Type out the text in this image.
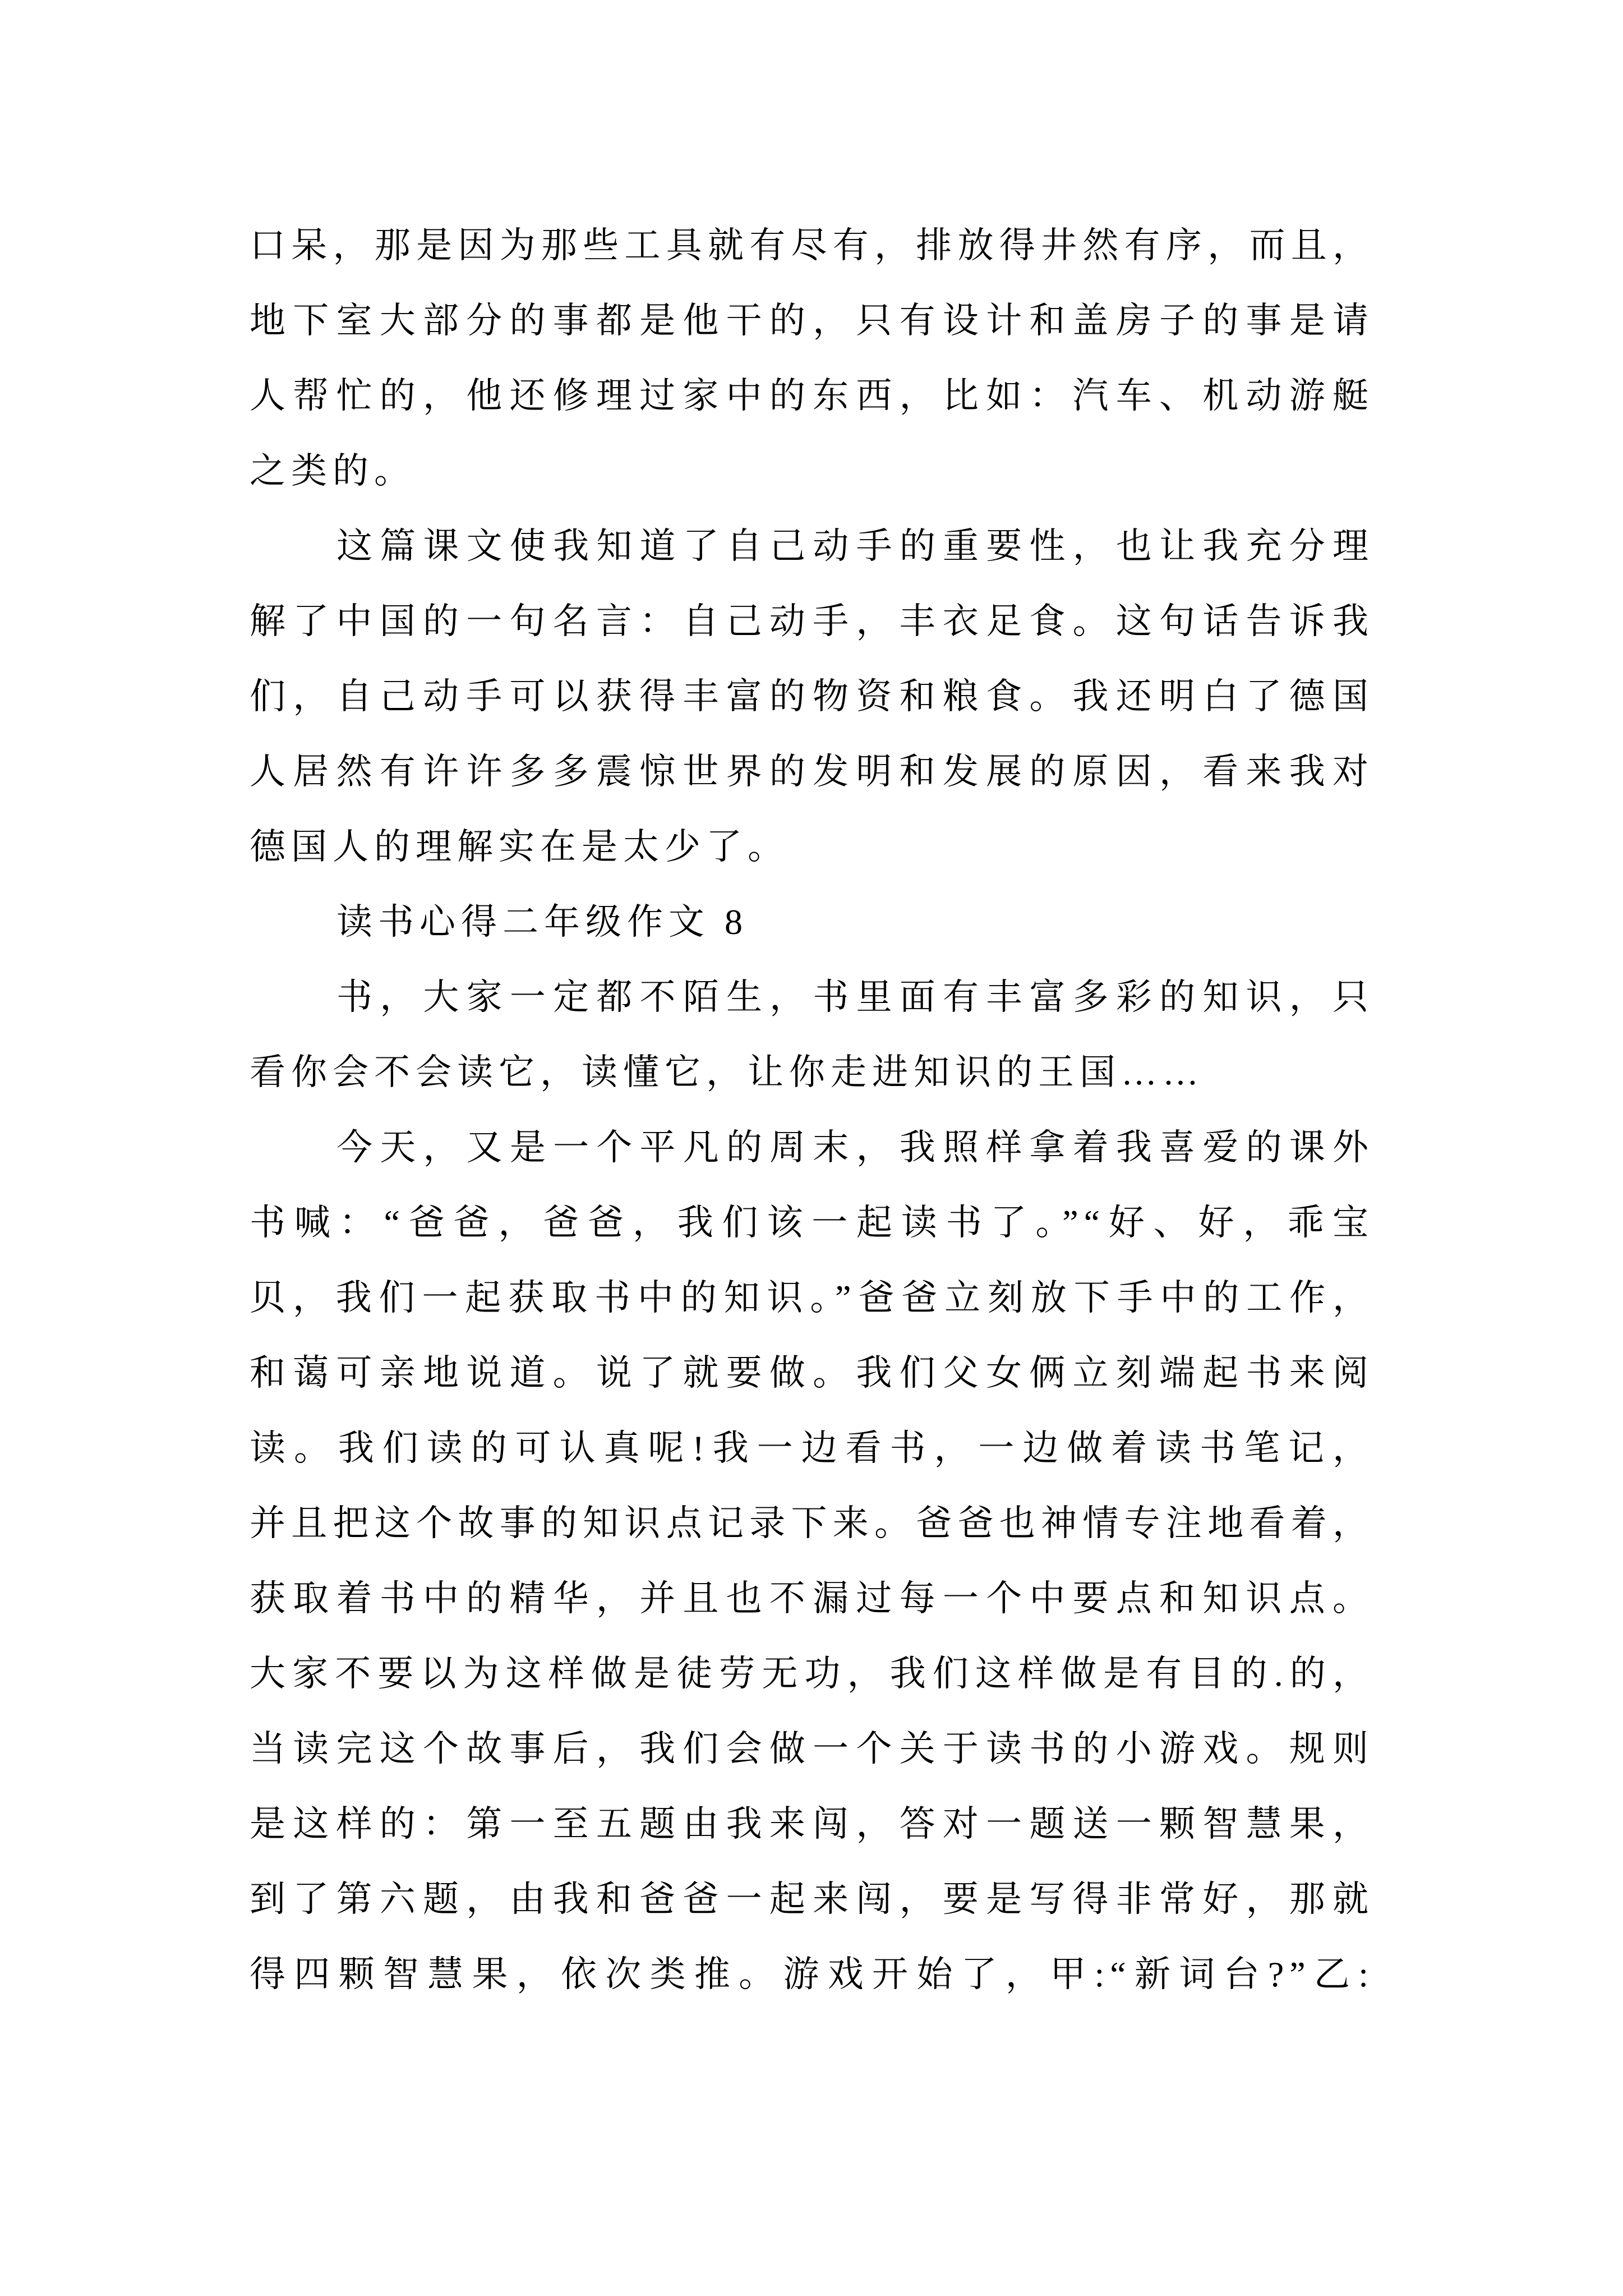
口呆，那是因为那些工具就有尽有，排放得井然有序，而且，
地下室大部分的事都是他干的，只有设计和盖房子的事是请
人帮忙的，他还修理过家中的东西，比如：汽车、机动游艇
之类的。
这篇课文使我知道了自己动手的重要性，也让我充分理
解了中国的一句名言：自己动手，丰衣足食。这句话告诉我
们，自己动手可以获得丰富的物资和粮食。我还明白了德国
人居然有许许多多震惊世界的发明和发展的原因，看来我对
德国人的理解实在是太少了。
读书心得二年级作文 8
书，大家一定都不陌生，书里面有丰富多彩的知识，只
看你会不会读它，读懂它，让你走进知识的王国……
今天，又是一个平凡的周末，我照样拿着我喜爱的课外
书喊：“爸爸，爸爸，我们该一起读书了。”“好、好，乖宝
贝，我们一起获取书中的知识。”爸爸立刻放下手中的工作，
和蔼可亲地说道。说了就要做。我们父女俩立刻端起书来阅
读。我们读的可认真呢!我一边看书，一边做着读书笔记，
并且把这个故事的知识点记录下来。爸爸也神情专注地看着，
获取着书中的精华，并且也不漏过每一个中要点和知识点。
大家不要以为这样做是徒劳无功，我们这样做是有目的.的，
当读完这个故事后，我们会做一个关于读书的小游戏。规则
是这样的：第一至五题由我来闯，答对一题送一颗智慧果，
到了第六题，由我和爸爸一起来闯，要是写得非常好，那就
得四颗智慧果，依次类推。游戏开始了，甲:“新词台?”乙:
